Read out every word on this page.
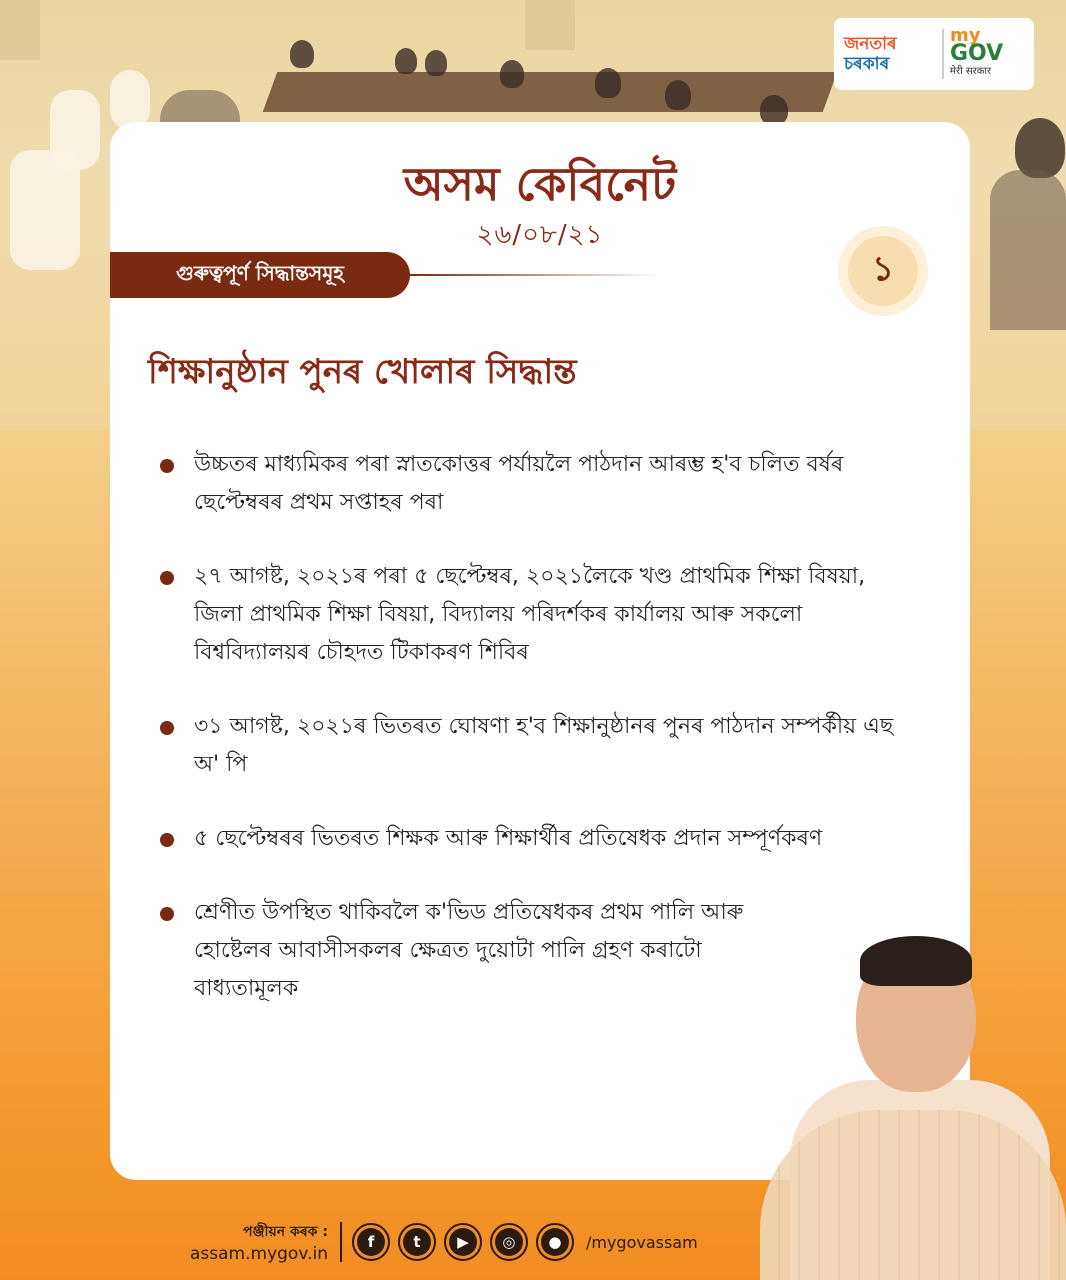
জনতাৰ
চৰকাৰ
my
GOV
मेरी सरकार
অসম কেবিনেট
২৬/০৮/২১
গুৰুত্বপূৰ্ণ সিদ্ধান্তসমূহ	১
শিক্ষানুষ্ঠান পুনৰ খোলাৰ সিদ্ধান্ত
উচ্চতৰ মাধ্যমিকৰ পৰা স্নাতকোত্তৰ পৰ্যায়লৈ পাঠদান আৰম্ভ হ'ব চলিত বৰ্ষৰ ছেপ্টেম্বৰৰ প্ৰথম সপ্তাহৰ পৰা
২৭ আগষ্ট, ২০২১ৰ পৰা ৫ ছেপ্টেম্বৰ, ২০২১লৈকে খণ্ড প্ৰাথমিক শিক্ষা বিষয়া, জিলা প্ৰাথমিক শিক্ষা বিষয়া, বিদ্যালয় পৰিদৰ্শকৰ কাৰ্যালয় আৰু সকলো বিশ্ববিদ্যালয়ৰ চৌহদত টিকাকৰণ শিবিৰ
৩১ আগষ্ট, ২০২১ৰ ভিতৰত ঘোষণা হ'ব শিক্ষানুষ্ঠানৰ পুনৰ পাঠদান সম্পৰ্কীয় এছ অ' পি
৫ ছেপ্টেম্বৰৰ ভিতৰত শিক্ষক আৰু শিক্ষাৰ্থীৰ প্ৰতিষেধক প্ৰদান সম্পূৰ্ণকৰণ
শ্ৰেণীত উপস্থিত থাকিবলৈ ক'ভিড প্ৰতিষেধকৰ প্ৰথম পালি আৰু হোষ্টেলৰ আবাসীসকলৰ ক্ষেত্ৰত দুয়োটা পালি গ্ৰহণ কৰাটো বাধ্যতামূলক
পঞ্জীয়ন কৰক :
assam.mygov.in
f	t	▶	◎	●	/mygovassam
